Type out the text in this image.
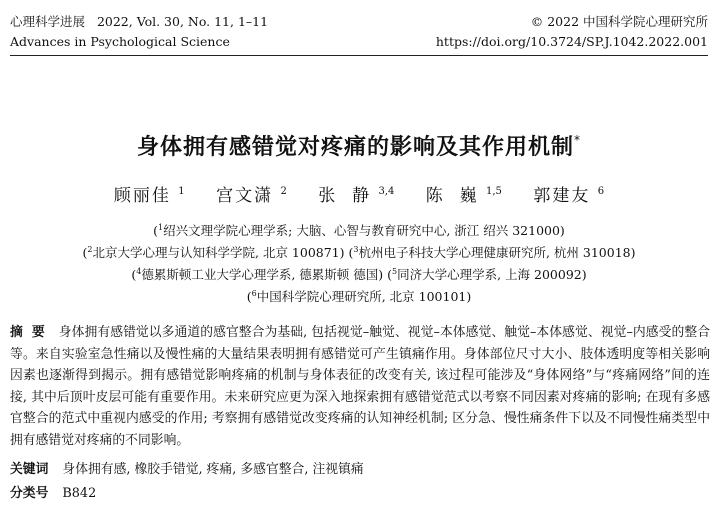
心理科学进展 2022, Vol. 30, No. 11, 1–11	© 2022 中国科学院心理研究所
Advances in Psychological Science	https://doi.org/10.3724/SP.J.1042.2022.001
身体拥有感错觉对疼痛的影响及其作用机制*
顾丽佳 $^1$ 宫文潇 $^2$ 张  静 $^{3,4}$ 陈  巍 $^{1,5}$ 郭建友 $^6$
($^1$绍兴文理学院心理学系; 大脑、心智与教育研究中心, 浙江 绍兴 321000)
($^2$北京大学心理与认知科学学院, 北京 100871) ($^3$杭州电子科技大学心理健康研究所, 杭州 310018)
($^4$德累斯顿工业大学心理学系, 德累斯顿 德国) ($^5$同济大学心理学系, 上海 200092)
($^6$中国科学院心理研究所, 北京 100101)
摘  要 身体拥有感错觉以多通道的感官整合为基础, 包括视觉–触觉、视觉–本体感觉、触觉–本体感觉、视觉–内感受的整合等。来自实验室急性痛以及慢性痛的大量结果表明拥有感错觉可产生镇痛作用。身体部位尺寸大小、肢体透明度等相关影响因素也逐渐得到揭示。拥有感错觉影响疼痛的机制与身体表征的改变有关, 该过程可能涉及“身体网络”与“疼痛网络”间的连接, 其中后顶叶皮层可能有重要作用。未来研究应更为深入地探索拥有感错觉范式以考察不同因素对疼痛的影响; 在现有多感官整合的范式中重视内感受的作用; 考察拥有感错觉改变疼痛的认知神经机制; 区分急、慢性痛条件下以及不同慢性痛类型中拥有感错觉对疼痛的不同影响。
关键词 身体拥有感, 橡胶手错觉, 疼痛, 多感官整合, 注视镇痛
分类号 B842
